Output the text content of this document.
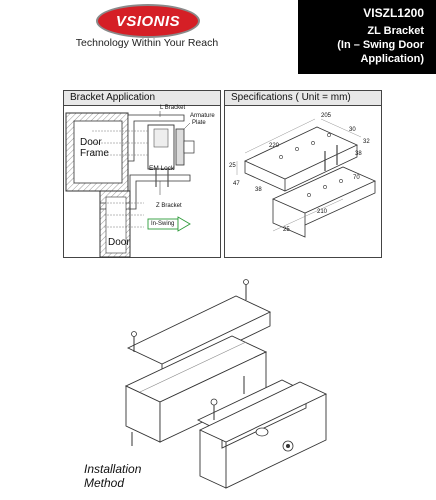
VSIONIS
Technology Within Your Reach
VISZL1200
ZL Bracket
(In – Swing Door
Application)
Bracket Application
L Bracket
Armature
Plate
Door
Frame
EM Lock
Z Bracket
In-Swing
Door
Specifications ( Unit = mm)
205
30
32
38
220
25
47
38
70
210
25
Installation
Method
